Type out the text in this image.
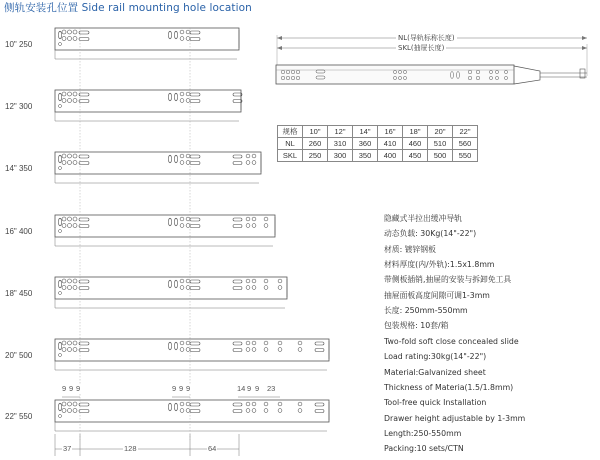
侧轨安装孔位置 Side rail mounting hole location
10" 250
12" 300
14" 350
16" 400
18" 450
20" 500
22" 550
37	128	64
9 9 9	9 9 9	14 9 9 23
NL(导轨标称长度)
SKL(抽屉长度)
规格	10"	12"	14"	16"	18"	20"	22"
NL	260	310	360	410	460	510	560
SKL	250	300	350	400	450	500	550
隐藏式半拉出缓冲导轨
动态负载: 30Kg(14"-22")
材质: 镀锌钢板
材料厚度(内/外轨):1.5x1.8mm
带侧板插销,抽屉的安装与拆卸免工具
抽屉面板高度间隙可调1-3mm
长度: 250mm-550mm
包装规格: 10套/箱
Two-fold soft close concealed slide
Load rating:30kg(14"-22")
Material:Galvanized sheet
Thickness of Materia(1.5/1.8mm)
Tool-free quick Installation
Drawer height adjustable by 1-3mm
Length:250-550mm
Packing:10 sets/CTN
